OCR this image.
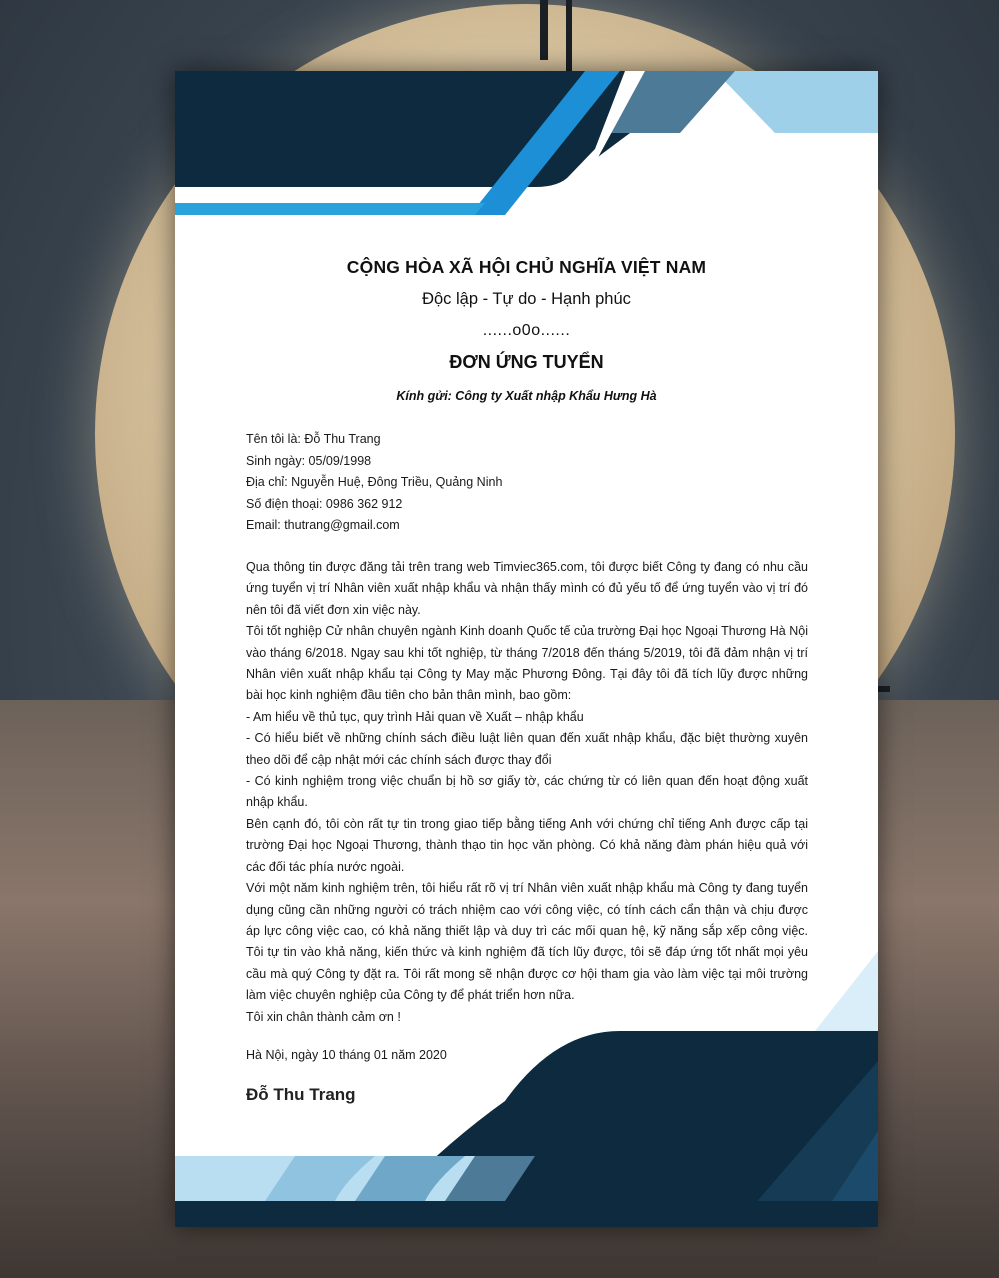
CỘNG HÒA XÃ HỘI CHỦ NGHĨA VIỆT NAM
Độc lập - Tự do - Hạnh phúc
......o0o......
ĐƠN ỨNG TUYỂN
Kính gửi: Công ty Xuất nhập Khẩu Hưng Hà
Tên tôi là: Đỗ Thu Trang
Sinh ngày: 05/09/1998
Địa chỉ: Nguyễn Huệ, Đông Triều, Quảng Ninh
Số điện thoại: 0986 362 912
Email: thutrang@gmail.com

Qua thông tin được đăng tải trên trang web Timviec365.com, tôi được biết Công ty đang có nhu cầu ứng tuyển vị trí Nhân viên xuất nhập khẩu và nhận thấy mình có đủ yếu tố để ứng tuyển vào vị trí đó nên tôi đã viết đơn xin việc này.

Tôi tốt nghiệp Cử nhân chuyên ngành Kinh doanh Quốc tế của trường Đại học Ngoại Thương Hà Nội vào tháng 6/2018. Ngay sau khi tốt nghiệp, từ tháng 7/2018 đến tháng 5/2019, tôi đã đảm nhận vị trí Nhân viên xuất nhập khẩu tại Công ty May mặc Phương Đông. Tại đây tôi đã tích lũy được những bài học kinh nghiệm đầu tiên cho bản thân mình, bao gồm:

- Am hiểu về thủ tục, quy trình Hải quan về Xuất – nhập khẩu

- Có hiểu biết về những chính sách điều luật liên quan đến xuất nhập khẩu, đặc biệt thường xuyên theo dõi để cập nhật mới các chính sách được thay đổi

- Có kinh nghiệm trong việc chuẩn bị hồ sơ giấy tờ, các chứng từ có liên quan đến hoạt động xuất nhập khẩu.

Bên cạnh đó, tôi còn rất tự tin trong giao tiếp bằng tiếng Anh với chứng chỉ tiếng Anh được cấp tại trường Đại học Ngoại Thương, thành thạo tin học văn phòng. Có khả năng đàm phán hiệu quả với các đối tác phía nước ngoài.

Với một năm kinh nghiệm trên, tôi hiểu rất rõ vị trí Nhân viên xuất nhập khẩu mà Công ty đang tuyển dụng cũng cần những người có trách nhiệm cao với công việc, có tính cách cẩn thận và chịu được áp lực công việc cao, có khả năng thiết lập và duy trì các mối quan hệ, kỹ năng sắp xếp công việc. Tôi tự tin vào khả năng, kiến thức và kinh nghiệm đã tích lũy được, tôi sẽ đáp ứng tốt nhất mọi yêu cầu mà quý Công ty đặt ra. Tôi rất mong sẽ nhận được cơ hội tham gia vào làm việc tại môi trường làm việc chuyên nghiệp của Công ty để phát triển hơn nữa.

Tôi xin chân thành cảm ơn !

Hà Nội, ngày 10 tháng 01 năm 2020
Đỗ Thu Trang
